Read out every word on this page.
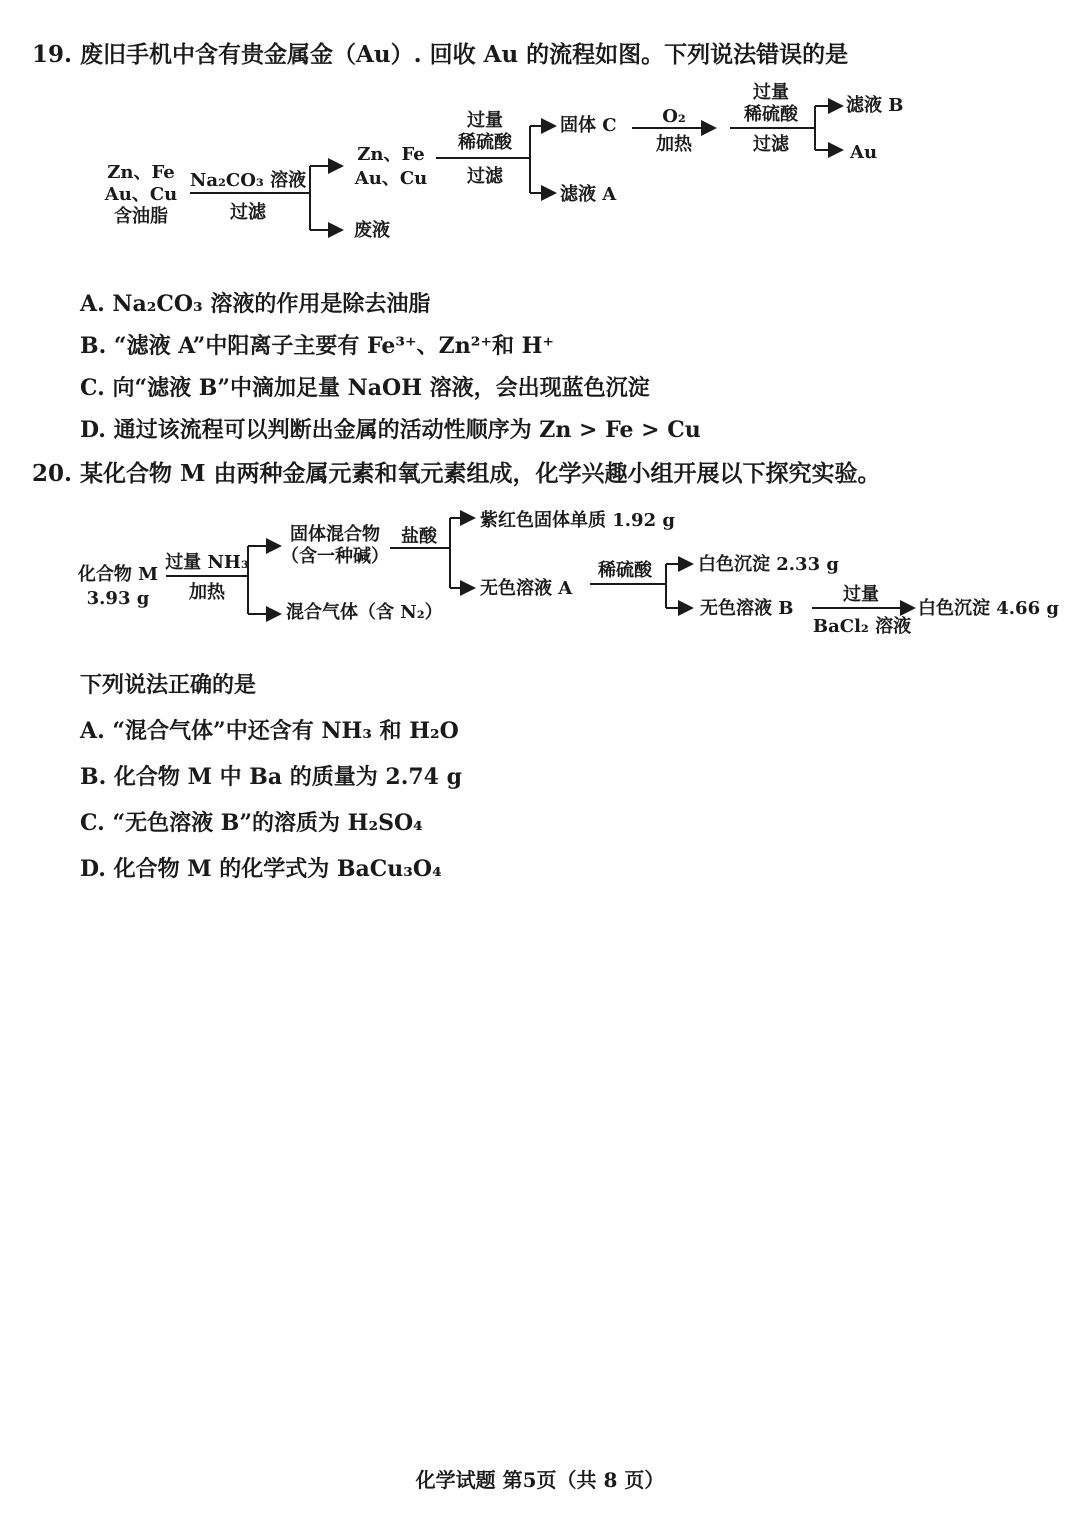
19. 废旧手机中含有贵金属金（Au）. 回收 Au 的流程如图。下列说法错误的是
Zn、Fe
Au、Cu
含油脂
Na₂CO₃ 溶液
过滤
Zn、Fe
Au、Cu
废液
过量
稀硫酸
过滤
固体 C
滤液 A
O₂
加热
过量
稀硫酸
过滤
滤液 B
Au
A. Na₂CO₃ 溶液的作用是除去油脂
B. “滤液 A”中阳离子主要有 Fe³⁺、Zn²⁺和 H⁺
C. 向“滤液 B”中滴加足量 NaOH 溶液，会出现蓝色沉淀
D. 通过该流程可以判断出金属的活动性顺序为 Zn > Fe > Cu
20. 某化合物 M 由两种金属元素和氧元素组成，化学兴趣小组开展以下探究实验。
化合物 M
3.93 g
过量 NH₃
加热
固体混合物
（含一种碱）
混合气体（含 N₂）
盐酸
紫红色固体单质 1.92 g
无色溶液 A
稀硫酸	白色沉淀 2.33 g
无色溶液 B
过量
BaCl₂ 溶液
白色沉淀 4.66 g
下列说法正确的是
A. “混合气体”中还含有 NH₃ 和 H₂O
B. 化合物 M 中 Ba 的质量为 2.74 g
C. “无色溶液 B”的溶质为 H₂SO₄
D. 化合物 M 的化学式为 BaCu₃O₄
化学试题 第5页（共 8 页）
